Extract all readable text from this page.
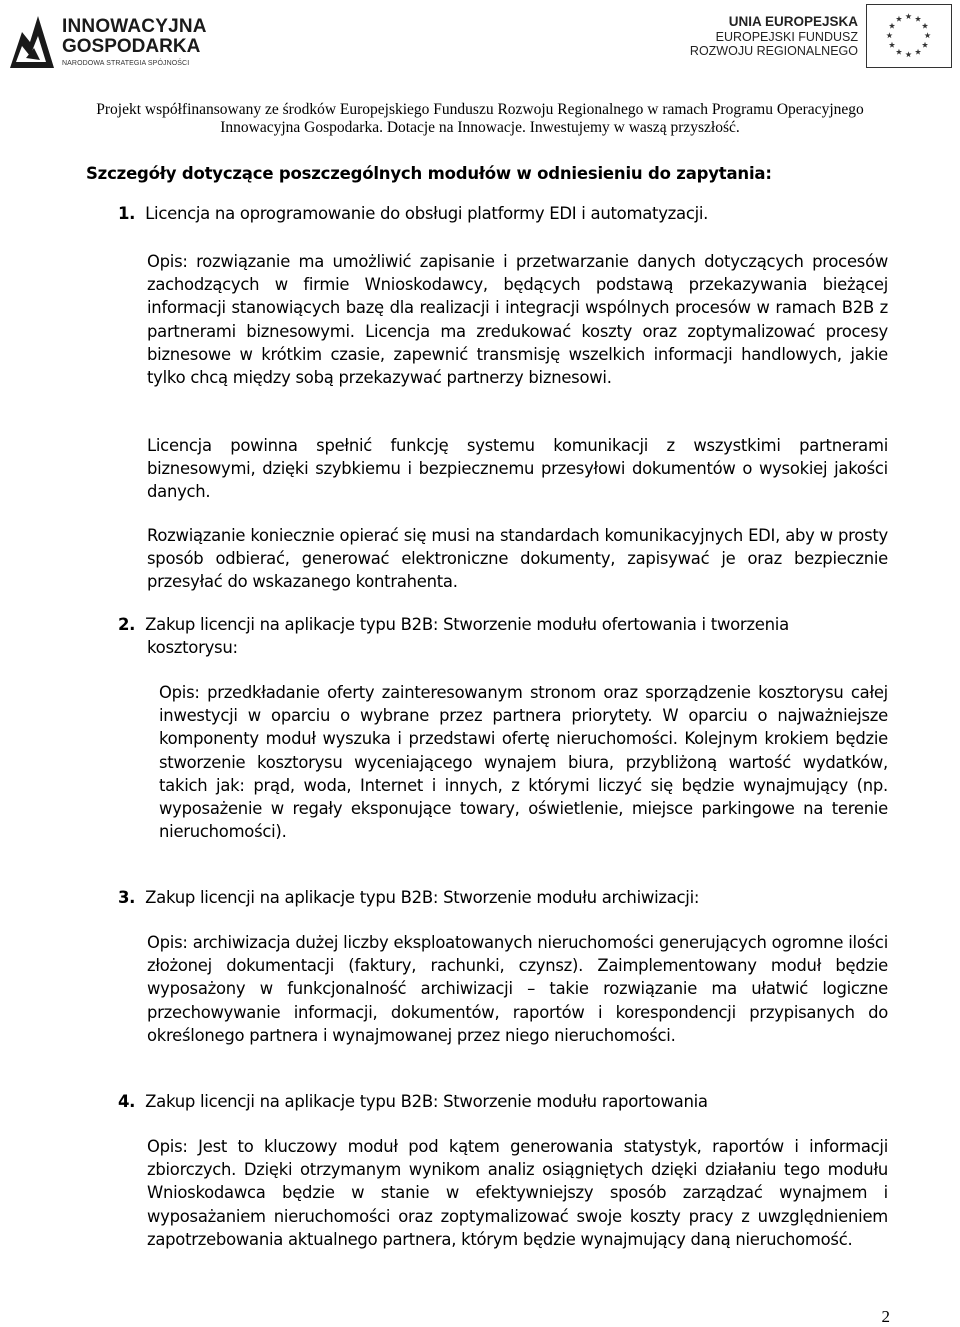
INNOWACYJNA
GOSPODARKA
NARODOWA STRATEGIA SPÓJNOŚCI
UNIA EUROPEJSKA
EUROPEJSKI FUNDUSZ
ROZWOJU REGIONALNEGO
Projekt współfinansowany ze środków Europejskiego Funduszu Rozwoju Regionalnego w ramach Programu Operacyjnego
Innowacyjna Gospodarka. Dotacje na Innowacje. Inwestujemy w waszą przyszłość.
Szczegóły dotyczące poszczególnych modułów w odniesieniu do zapytania:
1. Licencja na oprogramowanie do obsługi platformy EDI i automatyzacji.
Opis: rozwiązanie ma umożliwić zapisanie i przetwarzanie danych dotyczących procesów zachodzących w firmie Wnioskodawcy, będących podstawą przekazywania bieżącej informacji stanowiących bazę dla realizacji i integracji wspólnych procesów w ramach B2B z partnerami biznesowymi. Licencja ma zredukować koszty oraz zoptymalizować procesy biznesowe w krótkim czasie, zapewnić transmisję wszelkich informacji handlowych, jakie tylko chcą między sobą przekazywać partnerzy biznesowi.
Licencja powinna spełnić funkcję systemu komunikacji z wszystkimi partnerami biznesowymi, dzięki szybkiemu i bezpiecznemu przesyłowi dokumentów o wysokiej jakości danych.
Rozwiązanie koniecznie opierać się musi na standardach komunikacyjnych EDI, aby w prosty sposób odbierać, generować elektroniczne dokumenty, zapisywać je oraz bezpiecznie przesyłać do wskazanego kontrahenta.
2. Zakup licencji na aplikacje typu B2B: Stworzenie modułu ofertowania i tworzenia
kosztorysu:
Opis: przedkładanie oferty zainteresowanym stronom oraz sporządzenie kosztorysu całej inwestycji w oparciu o wybrane przez partnera priorytety. W oparciu o najważniejsze komponenty moduł wyszuka i przedstawi ofertę nieruchomości. Kolejnym krokiem będzie stworzenie kosztorysu wyceniającego wynajem biura, przybliżoną wartość wydatków, takich jak: prąd, woda, Internet i innych, z którymi liczyć się będzie wynajmujący (np. wyposażenie w regały eksponujące towary, oświetlenie, miejsce parkingowe na terenie nieruchomości).
3. Zakup licencji na aplikacje typu B2B: Stworzenie modułu archiwizacji:
Opis: archiwizacja dużej liczby eksploatowanych nieruchomości generujących ogromne ilości złożonej dokumentacji (faktury, rachunki, czynsz). Zaimplementowany moduł będzie wyposażony w funkcjonalność archiwizacji – takie rozwiązanie ma ułatwić logiczne przechowywanie informacji, dokumentów, raportów i korespondencji przypisanych do określonego partnera i wynajmowanej przez niego nieruchomości.
4. Zakup licencji na aplikacje typu B2B: Stworzenie modułu raportowania
Opis: Jest to kluczowy moduł pod kątem generowania statystyk, raportów i informacji zbiorczych. Dzięki otrzymanym wynikom analiz osiągniętych dzięki działaniu tego modułu Wnioskodawca będzie w stanie w efektywniejszy sposób zarządzać wynajmem i wyposażaniem nieruchomości oraz zoptymalizować swoje koszty pracy z uwzględnieniem zapotrzebowania aktualnego partnera, którym będzie wynajmujący daną nieruchomość.
2
